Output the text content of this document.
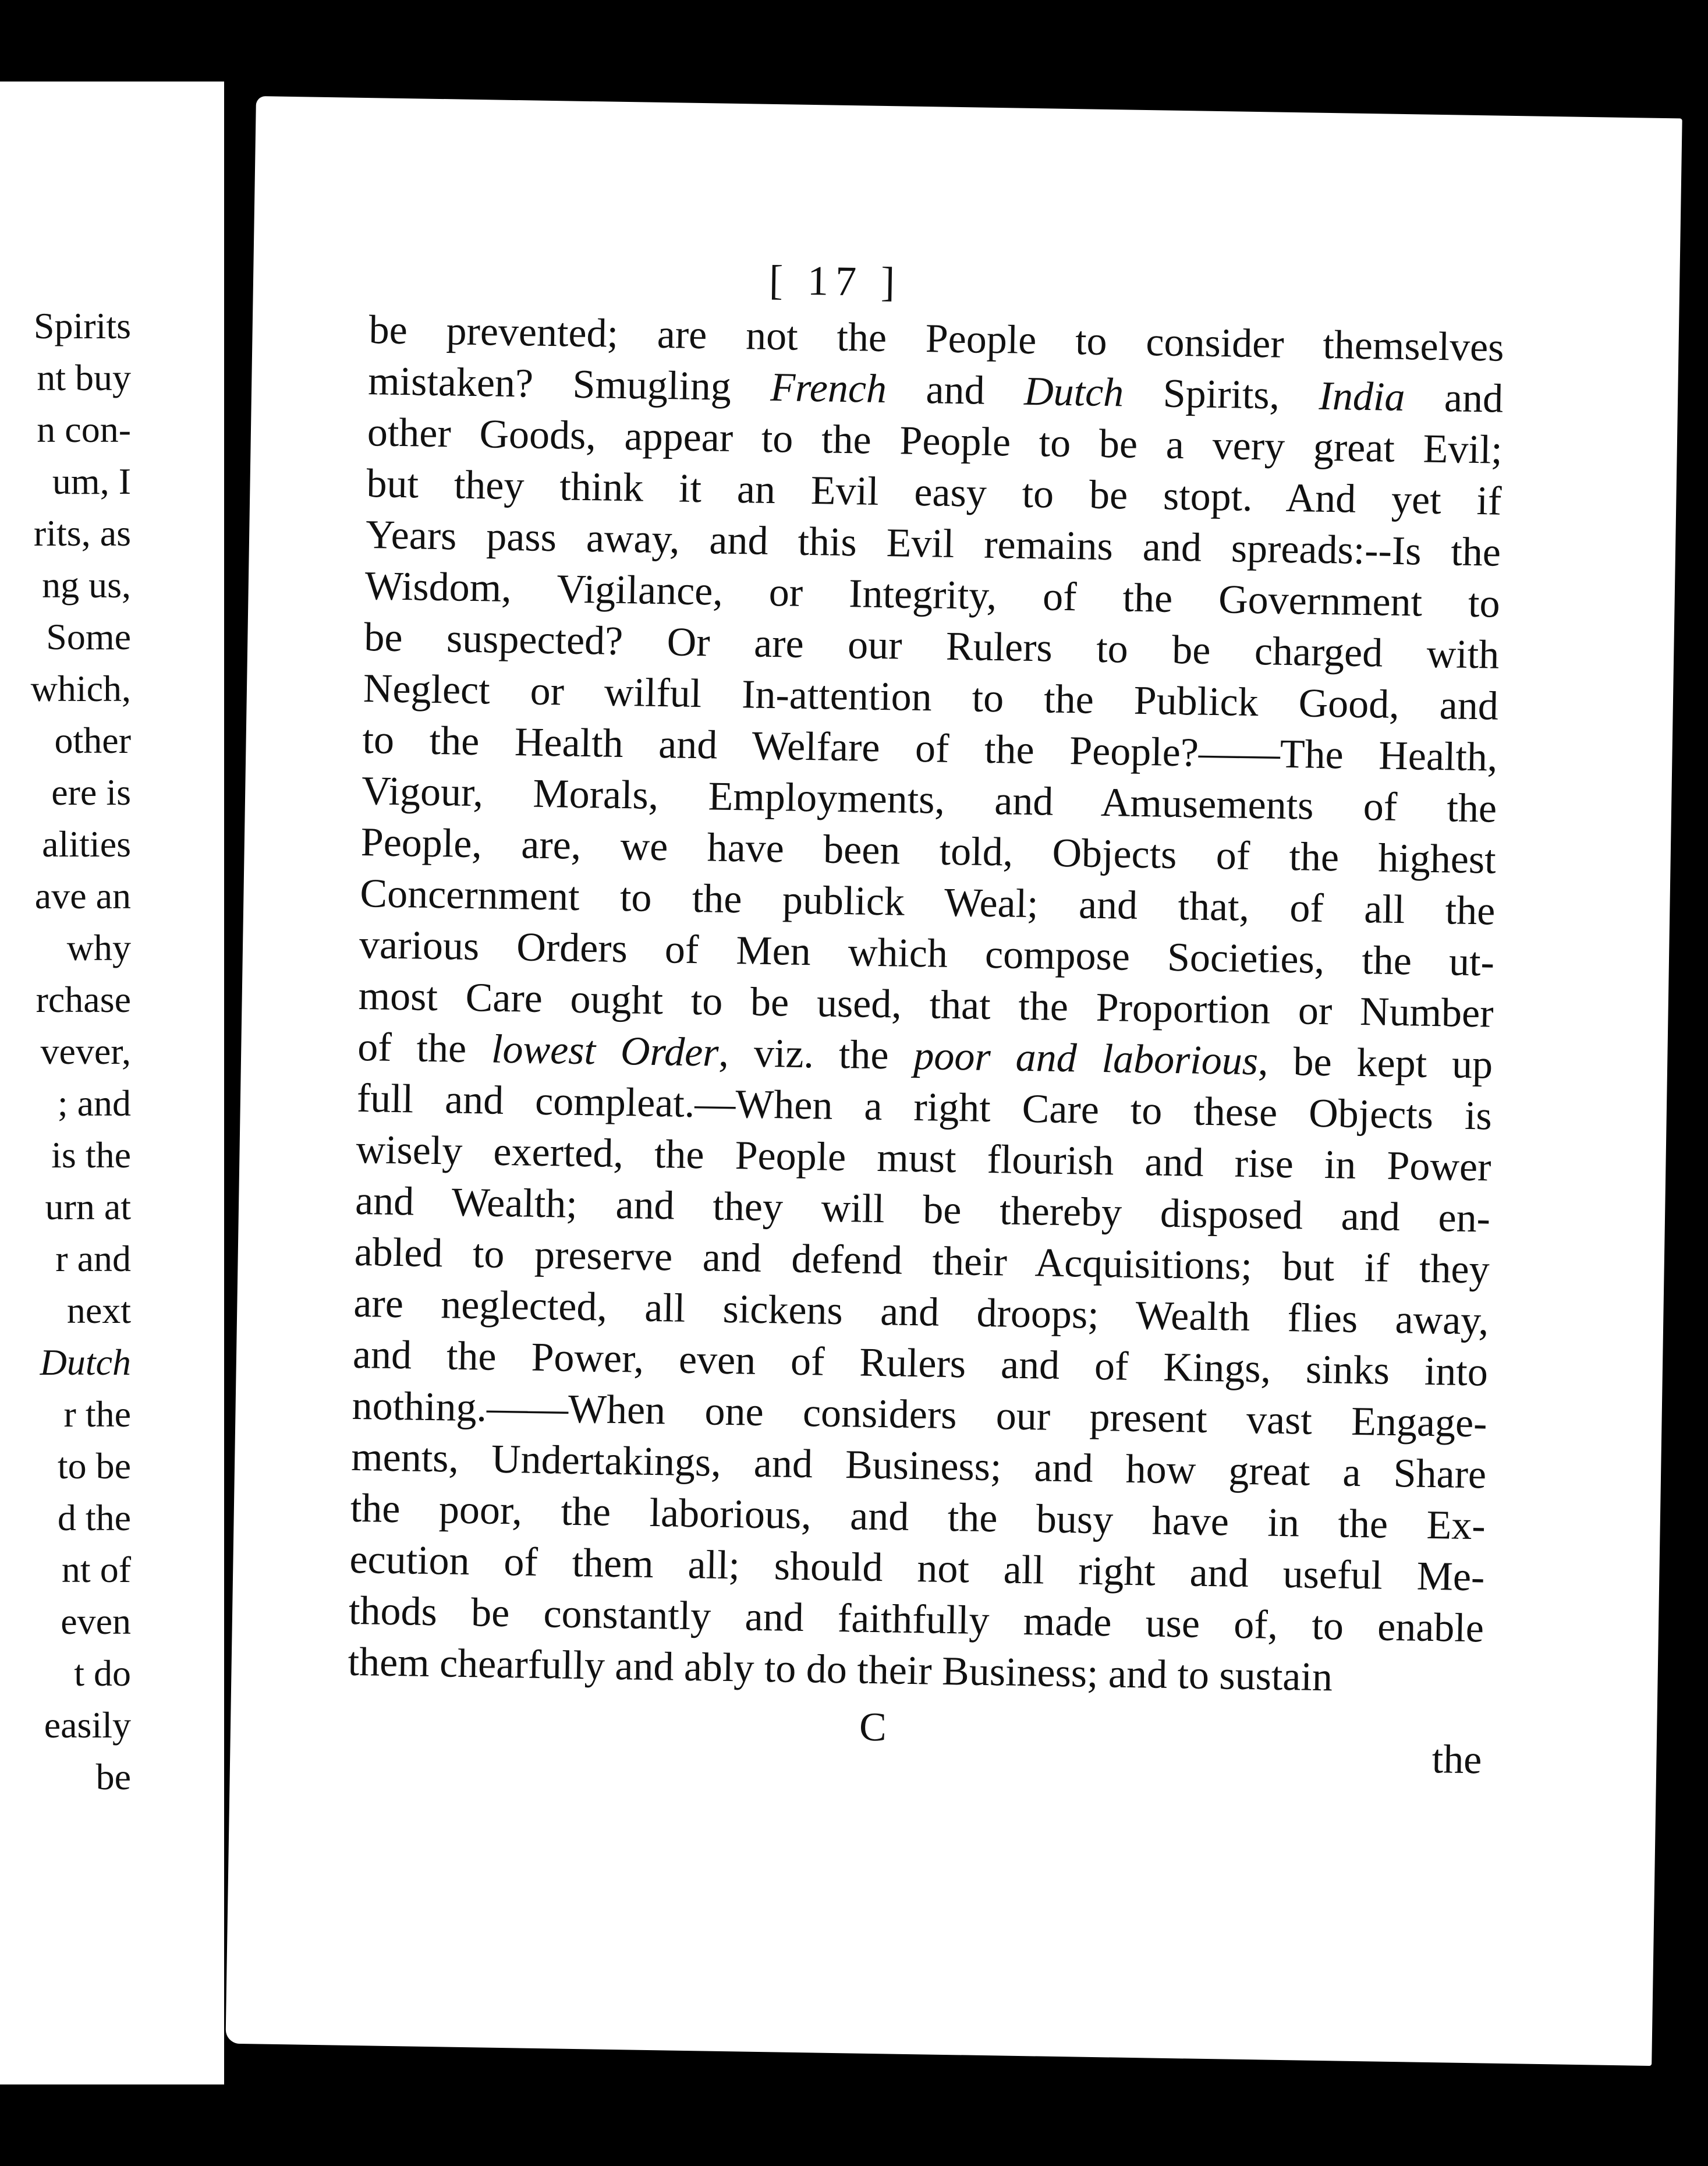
Spirits
nt buy
n con-
um, I
rits, as
ng us,
Some
which,
other
ere is
alities
ave an
why
rchase
vever,
; and
is the
urn at
r and
next
Dutch
r the
to be
d the
nt of
even
t do
easily
be
[ 17 ]
be prevented; are not the People to consider themselves
mistaken? Smugling French and Dutch Spirits, India and
other Goods, appear to the People to be a very great Evil;
but they think it an Evil easy to be stopt. And yet if
Years pass away, and this Evil remains and spreads:--Is the
Wisdom, Vigilance, or Integrity, of the Government to
be suspected? Or are our Rulers to be charged with
Neglect or wilful In-attention to the Publick Good, and
to the Health and Welfare of the People?——The Health,
Vigour, Morals, Employments, and Amusements of the
People, are, we have been told, Objects of the highest
Concernment to the publick Weal; and that, of all the
various Orders of Men which compose Societies, the ut-
most Care ought to be used, that the Proportion or Number
of the lowest Order, viz. the poor and laborious, be kept up
full and compleat.—When a right Care to these Objects is
wisely exerted, the People must flourish and rise in Power
and Wealth; and they will be thereby disposed and en-
abled to preserve and defend their Acquisitions; but if they
are neglected, all sickens and droops; Wealth flies away,
and the Power, even of Rulers and of Kings, sinks into
nothing.——When one considers our present vast Engage-
ments, Undertakings, and Business; and how great a Share
the poor, the laborious, and the busy have in the Ex-
ecution of them all; should not all right and useful Me-
thods be constantly and faithfully made use of, to enable
them chearfully and ably to do their Business; and to sustain
C
the
